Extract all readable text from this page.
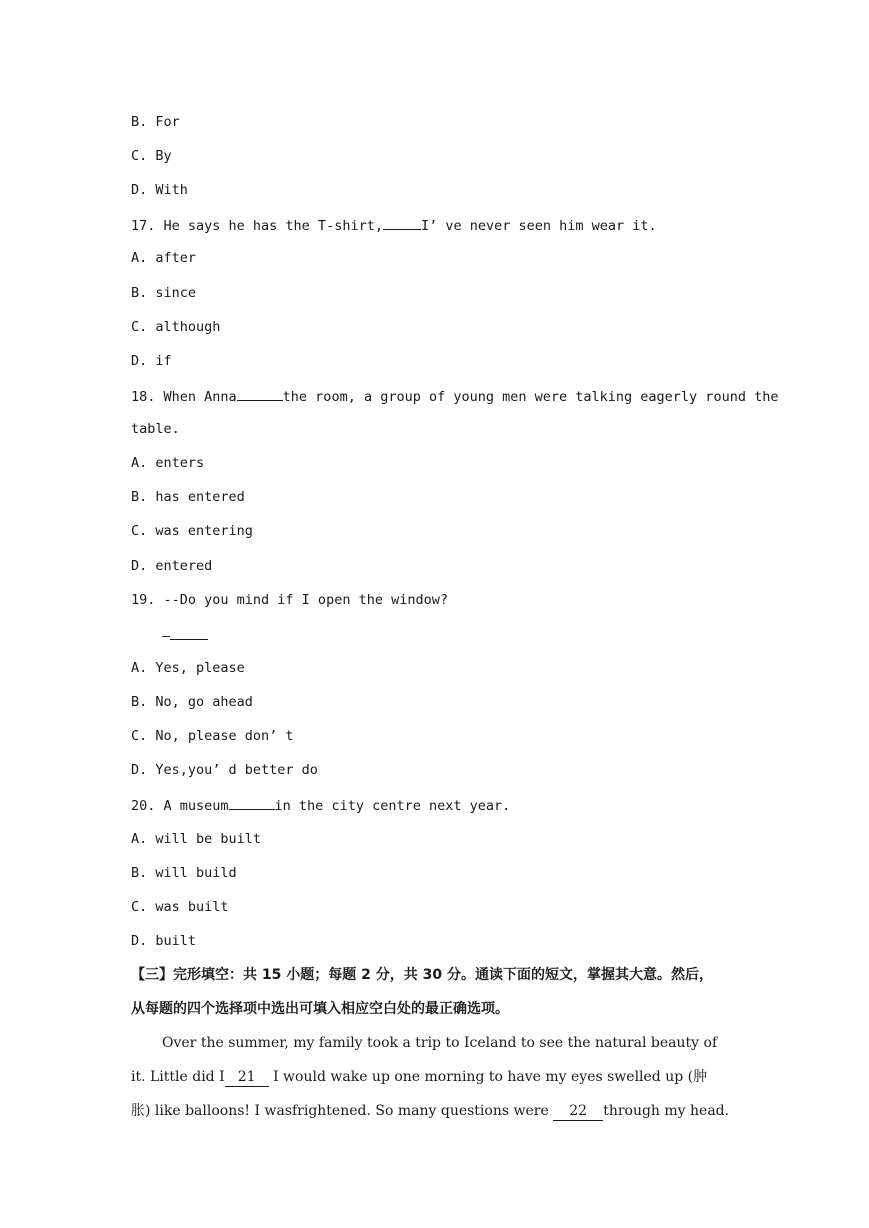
B. For
C. By
D. With
17. He says he has the T-shirt,	I’ ve never seen him wear it.
A. after
B. since
C. although
D. if
18. When Anna	the room, a group of young men were talking eagerly round the
table.
A. enters
B. has entered
C. was entering
D. entered
19. --Do you mind if I open the window?
—
A. Yes, please
B. No, go ahead
C. No, please don’ t
D. Yes,you’ d better do
20. A museum	in the city centre next year.
A. will be built
B. will build
C. was built
D. built
【三】完形填空：共 15 小题；每题 2 分，共 30 分。通读下面的短文，掌握其大意。然后，
从每题的四个选择项中选出可填入相应空白处的最正确选项。
Over the summer, my family took a trip to Iceland to see the natural beauty of
it. Little did I 21 I would wake up one morning to have my eyes swelled up (肿
胀) like balloons! I wasfrightened. So many questions were 22 through my head.
